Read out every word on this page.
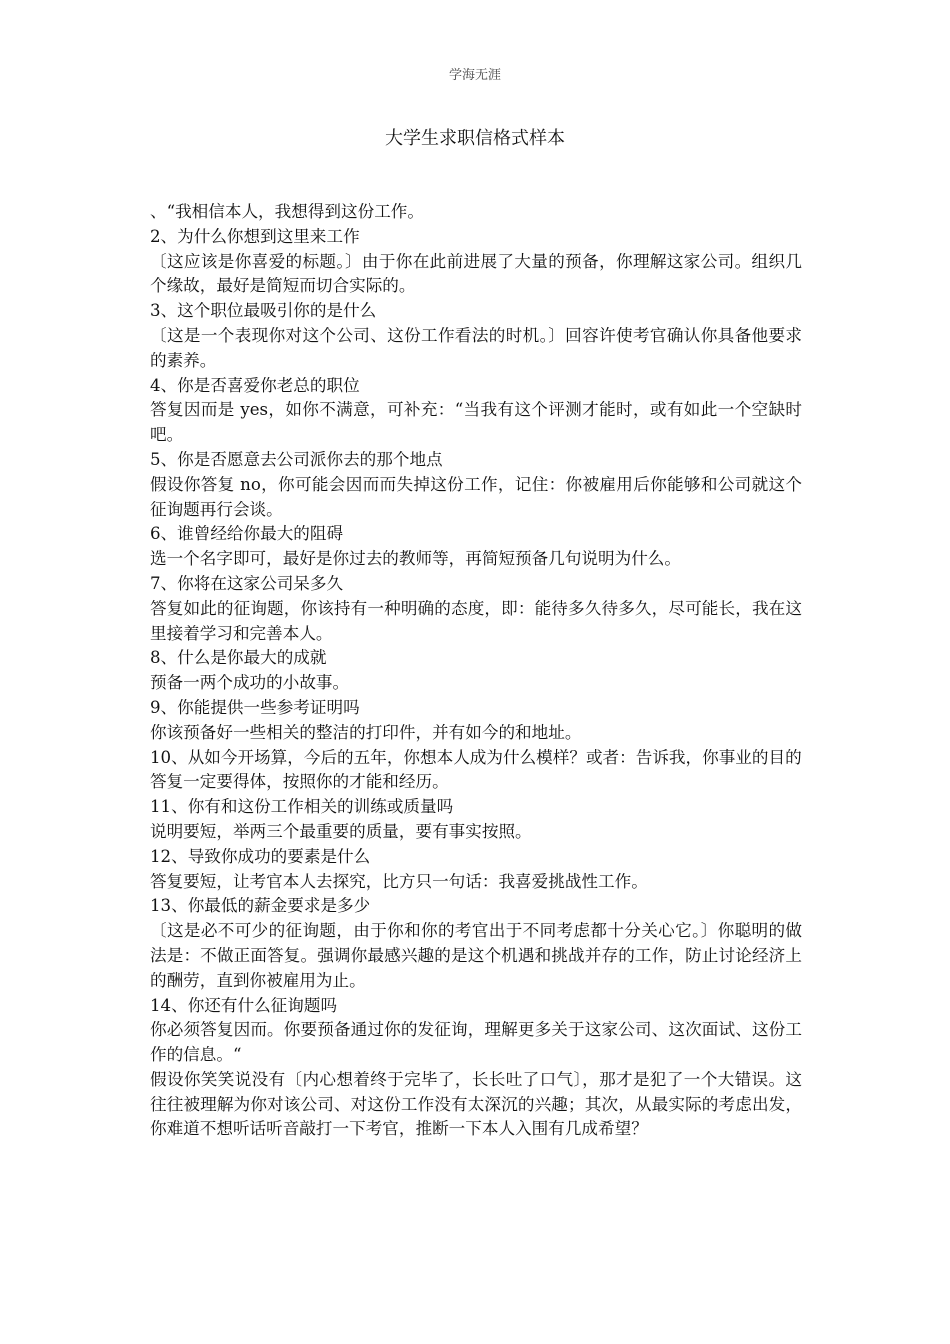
学海无涯
大学生求职信格式样本

、“我相信本人，我想得到这份工作。

2、为什么你想到这里来工作

〔这应该是你喜爱的标题。〕由于你在此前进展了大量的预备，你理解这家公司。组织几个缘故，最好是简短而切合实际的。

3、这个职位最吸引你的是什么

〔这是一个表现你对这个公司、这份工作看法的时机。〕回容许使考官确认你具备他要求的素养。

4、你是否喜爱你老总的职位

答复因而是 yes，如你不满意，可补充：“当我有这个评测才能时，或有如此一个空缺时吧。

5、你是否愿意去公司派你去的那个地点

假设你答复 no，你可能会因而而失掉这份工作，记住：你被雇用后你能够和公司就这个征询题再行会谈。

6、谁曾经给你最大的阻碍

选一个名字即可，最好是你过去的教师等，再简短预备几句说明为什么。

7、你将在这家公司呆多久

答复如此的征询题，你该持有一种明确的态度，即：能待多久待多久，尽可能长，我在这里接着学习和完善本人。

8、什么是你最大的成就

预备一两个成功的小故事。

9、你能提供一些参考证明吗

你该预备好一些相关的整洁的打印件，并有如今的和地址。

10、从如今开场算，今后的五年，你想本人成为什么模样？或者：告诉我，你事业的目的

答复一定要得体，按照你的才能和经历。

11、你有和这份工作相关的训练或质量吗

说明要短，举两三个最重要的质量，要有事实按照。

12、导致你成功的要素是什么

答复要短，让考官本人去探究，比方只一句话：我喜爱挑战性工作。

13、你最低的薪金要求是多少

〔这是必不可少的征询题，由于你和你的考官出于不同考虑都十分关心它。〕你聪明的做法是：不做正面答复。强调你最感兴趣的是这个机遇和挑战并存的工作，防止讨论经济上的酬劳，直到你被雇用为止。

14、你还有什么征询题吗

你必须答复因而。你要预备通过你的发征询，理解更多关于这家公司、这次面试、这份工作的信息。“

假设你笑笑说没有〔内心想着终于完毕了，长长吐了口气〕，那才是犯了一个大错误。这往往被理解为你对该公司、对这份工作没有太深沉的兴趣；其次，从最实际的考虑出发，你难道不想听话听音敲打一下考官，推断一下本人入围有几成希望？
